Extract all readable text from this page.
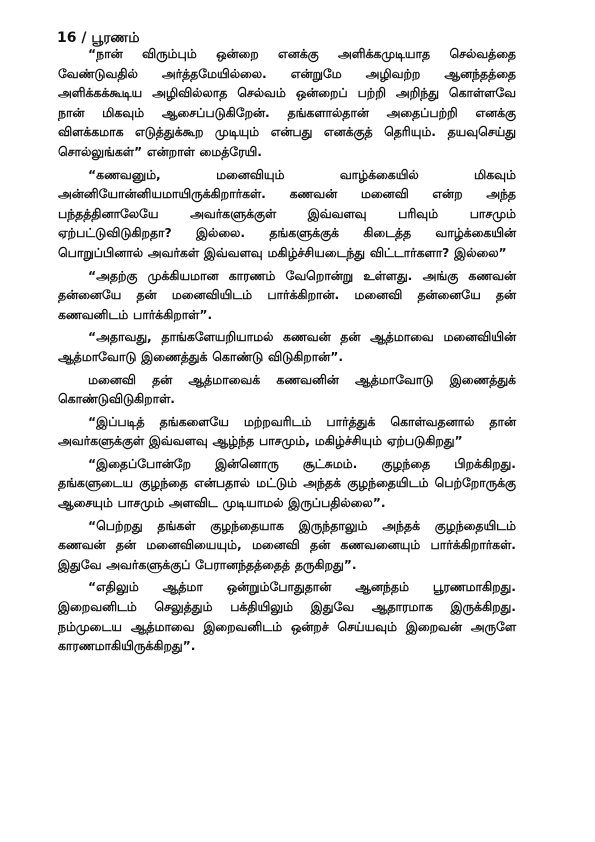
16 / பூரணம்

“நான் விரும்பும் ஒன்றை எனக்கு அளிக்கமுடியாத செல்வத்தை வேண்டுவதில் அர்த்தமேயில்லை. என்றுமே அழிவற்ற ஆனந்தத்தை அளிக்கக்கூடிய அழிவில்லாத செல்வம் ஒன்றைப் பற்றி அறிந்து கொள்ளவே நான் மிகவும் ஆசைப்படுகிறேன். தங்களால்தான் அதைப்பற்றி எனக்கு விளக்கமாக எடுத்துக்கூற முடியும் என்பது எனக்குத் தெரியும். தயவுசெய்து சொல்லுங்கள்” என்றாள் மைத்ரேயி.

“கணவனும், மனைவியும் வாழ்க்கையில் மிகவும் அன்னியோன்னியமாயிருக்கிறார்கள். கணவன் மனைவி என்ற அந்த பந்தத்தினாலேயே அவர்களுக்குள் இவ்வளவு பரிவும் பாசமும் ஏற்பட்டுவிடுகிறதா? இல்லை. தங்களுக்குக் கிடைத்த வாழ்க்கையின் பொறுப்பினால் அவர்கள் இவ்வளவு மகிழ்ச்சியடைந்து விட்டார்களா? இல்லை”

“அதற்கு முக்கியமான காரணம் வேறொன்று உள்ளது. அங்கு கணவன் தன்னையே தன் மனைவியிடம் பார்க்கிறான். மனைவி தன்னையே தன் கணவனிடம் பார்க்கிறாள்”.

“அதாவது, தாங்களேயறியாமல் கணவன் தன் ஆத்மாவை மனைவியின் ஆத்மாவோடு இணைத்துக் கொண்டு விடுகிறான்”.

மனைவி தன் ஆத்மாவைக் கணவனின் ஆத்மாவோடு இணைத்துக் கொண்டுவிடுகிறாள்.

“இப்படித் தங்களையே மற்றவரிடம் பார்த்துக் கொள்வதனால் தான் அவர்களுக்குள் இவ்வளவு ஆழ்ந்த பாசமும், மகிழ்ச்சியும் ஏற்படுகிறது”

“இதைப்போன்றே இன்னொரு சூட்சுமம். குழந்தை பிறக்கிறது. தங்களுடைய குழந்தை என்பதால் மட்டும் அந்தக் குழந்தையிடம் பெற்றோருக்கு ஆசையும் பாசமும் அளவிட முடியாமல் இருப்பதில்லை”.

“பெற்றது தங்கள் குழந்தையாக இருந்தாலும் அந்தக் குழந்தையிடம் கணவன் தன் மனைவியையும், மனைவி தன் கணவனையும் பார்க்கிறார்கள். இதுவே அவர்களுக்குப் பேரானந்தத்தைத் தருகிறது”.

“எதிலும் ஆத்மா ஒன்றும்போதுதான் ஆனந்தம் பூரணமாகிறது. இறைவனிடம் செலுத்தும் பக்தியிலும் இதுவே ஆதாரமாக இருக்கிறது. நம்முடைய ஆத்மாவை இறைவனிடம் ஒன்றச் செய்யவும் இறைவன் அருளே காரணமாகியிருக்கிறது”.
